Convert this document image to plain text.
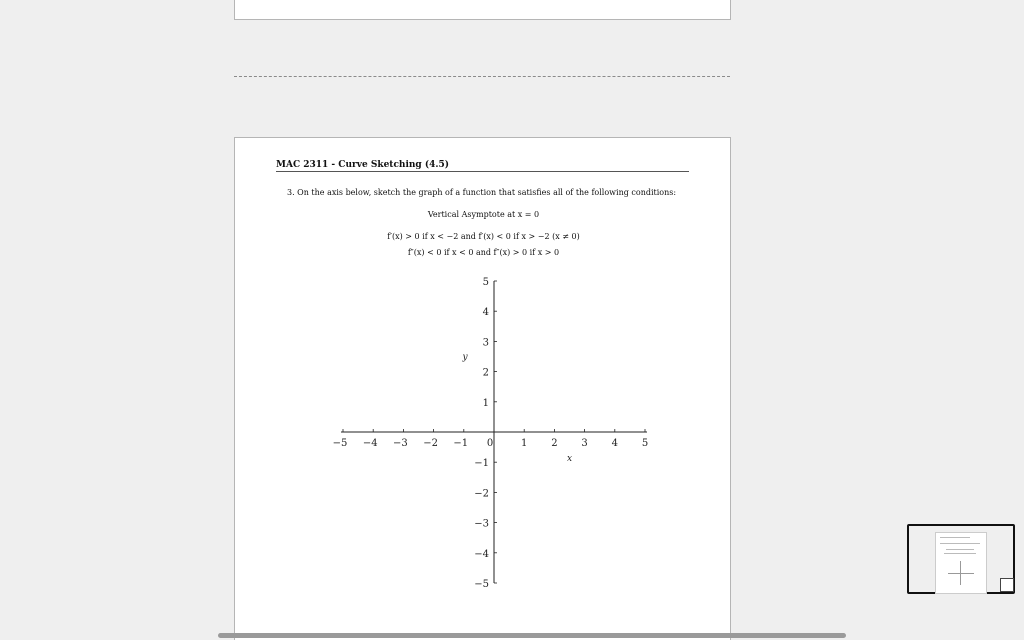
MAC 2311 - Curve Sketching (4.5)
3. On the axis below, sketch the graph of a function that satisfies all of the following conditions:
Vertical Asymptote at x = 0
f′(x) > 0 if x < −2 and f′(x) < 0 if x > −2 (x ≠ 0)
f″(x) < 0 if x < 0 and f″(x) > 0 if x > 0
−5 −4 −3 −2 −1 0	1 2 3 4 5
−5
−4
−3
−2
−1
1
2
3
4
5
x
y
